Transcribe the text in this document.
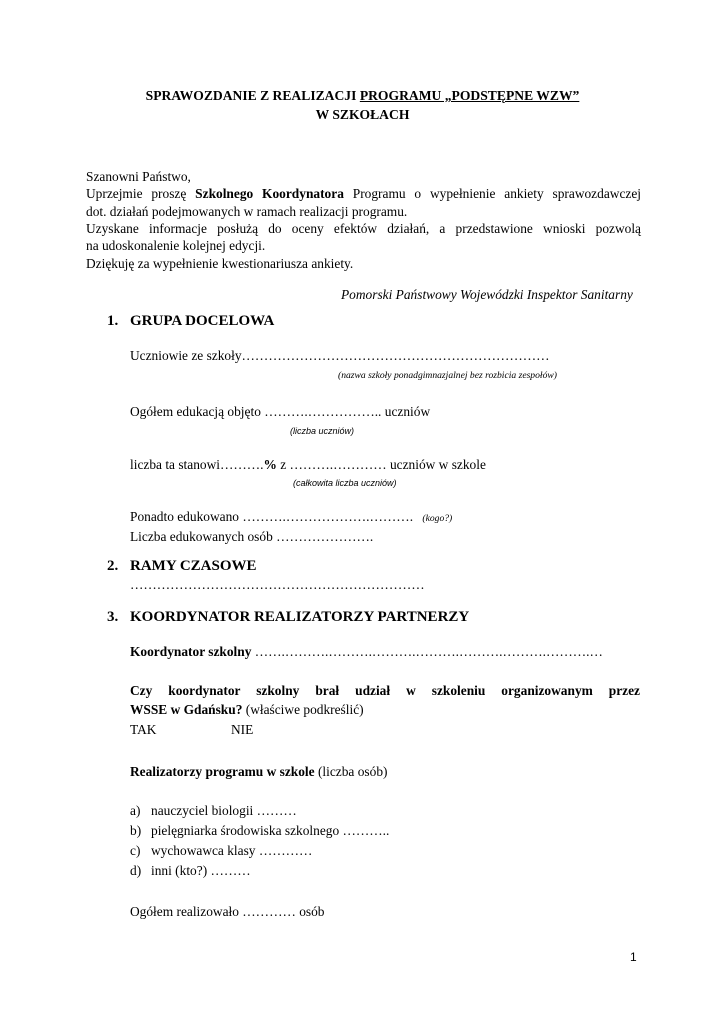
SPRAWOZDANIE Z REALIZACJI PROGRAMU „PODSTĘPNE WZW”
W SZKOŁACH
Szanowni Państwo,
Uprzejmie proszę Szkolnego Koordynatora Programu o wypełnienie ankiety sprawozdawczej
dot. działań podejmowanych w ramach realizacji programu.
Uzyskane informacje posłużą do oceny efektów działań, a przedstawione wnioski pozwolą
na udoskonalenie kolejnej edycji.
Dziękuję za wypełnienie kwestionariusza ankiety.
Pomorski Państwowy Wojewódzki Inspektor Sanitarny
1. GRUPA DOCELOWA
Uczniowie ze szkoły……………………………………………………………
(nazwa szkoły ponadgimnazjalnej bez rozbicia zespołów)
Ogółem edukacją objęto ……….…………….. uczniów
(liczba uczniów)
liczba ta stanowi……….% z ……….………… uczniów w szkole
(całkowita liczba uczniów)
Ponadto edukowano ……….……………….………. (kogo?)
Liczba edukowanych osób ………………….
2. RAMY CZASOWE
…………………………………………………………
3. KOORDYNATOR REALIZATORZY PARTNERZY
Koordynator szkolny …….……….……….……….……….……….……….……….…
Czy koordynator szkolny brał udział w szkoleniu organizowanym przez
WSSE w Gdańsku? (właściwe podkreślić)
TAK	NIE
Realizatorzy programu w szkole (liczba osób)
a) nauczyciel biologii ………
b) pielęgniarka środowiska szkolnego ………..
c) wychowawca klasy …………
d) inni (kto?) ………
Ogółem realizowało ………… osób
1
